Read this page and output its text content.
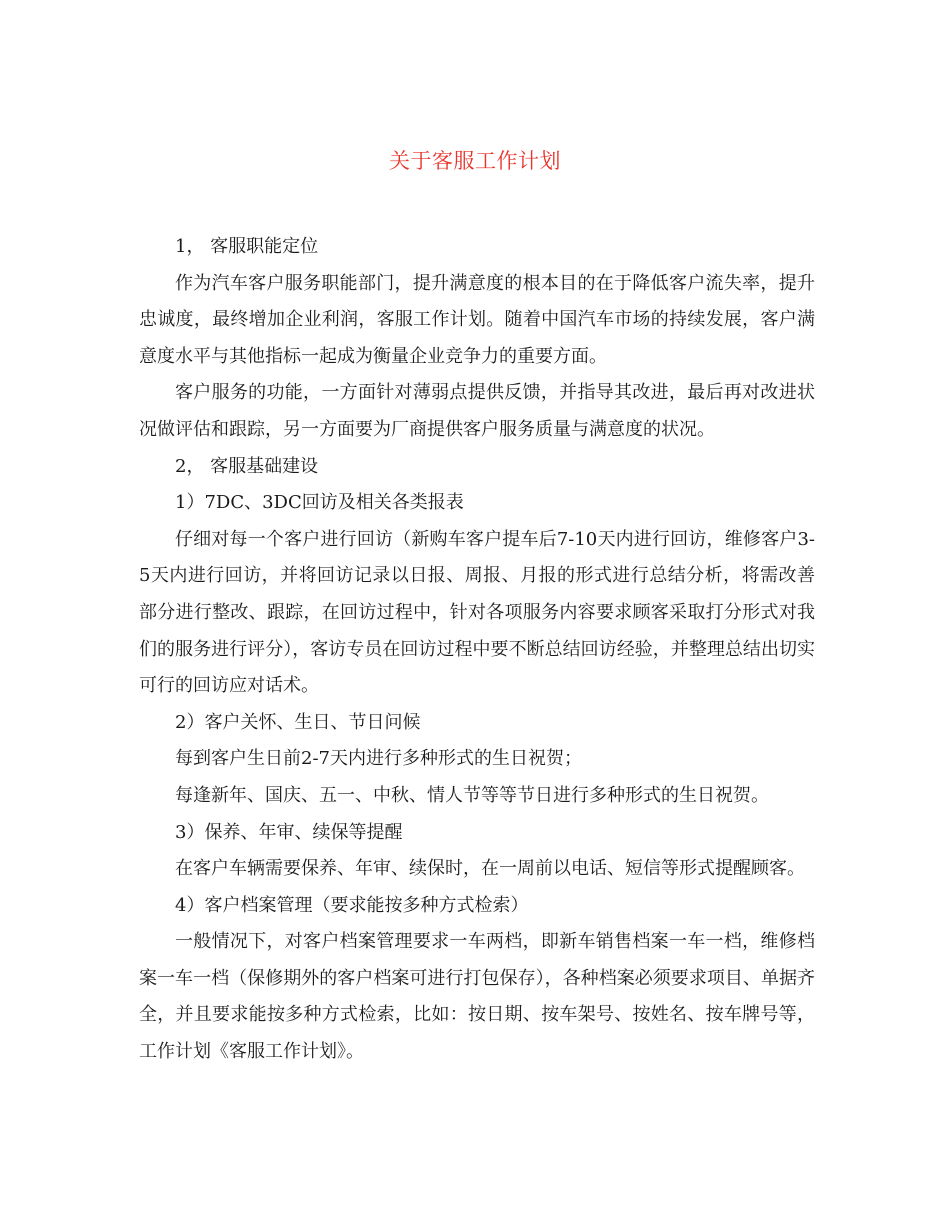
关于客服工作计划

1， 客服职能定位

作为汽车客户服务职能部门，提升满意度的根本目的在于降低客户流失率，提升忠诚度，最终增加企业利润，客服工作计划。随着中国汽车市场的持续发展，客户满意度水平与其他指标一起成为衡量企业竞争力的重要方面。

客户服务的功能，一方面针对薄弱点提供反馈，并指导其改进，最后再对改进状况做评估和跟踪，另一方面要为厂商提供客户服务质量与满意度的状况。

2， 客服基础建设

1）7DC、3DC回访及相关各类报表

仔细对每一个客户进行回访（新购车客户提车后7-10天内进行回访，维修客户3-5天内进行回访，并将回访记录以日报、周报、月报的形式进行总结分析，将需改善部分进行整改、跟踪，在回访过程中，针对各项服务内容要求顾客采取打分形式对我们的服务进行评分），客访专员在回访过程中要不断总结回访经验，并整理总结出切实可行的回访应对话术。

2）客户关怀、生日、节日问候

每到客户生日前2-7天内进行多种形式的生日祝贺；

每逢新年、国庆、五一、中秋、情人节等等节日进行多种形式的生日祝贺。

3）保养、年审、续保等提醒

在客户车辆需要保养、年审、续保时，在一周前以电话、短信等形式提醒顾客。

4）客户档案管理（要求能按多种方式检索）

一般情况下，对客户档案管理要求一车两档，即新车销售档案一车一档，维修档案一车一档（保修期外的客户档案可进行打包保存），各种档案必须要求项目、单据齐全，并且要求能按多种方式检索，比如：按日期、按车架号、按姓名、按车牌号等，工作计划《客服工作计划》。
